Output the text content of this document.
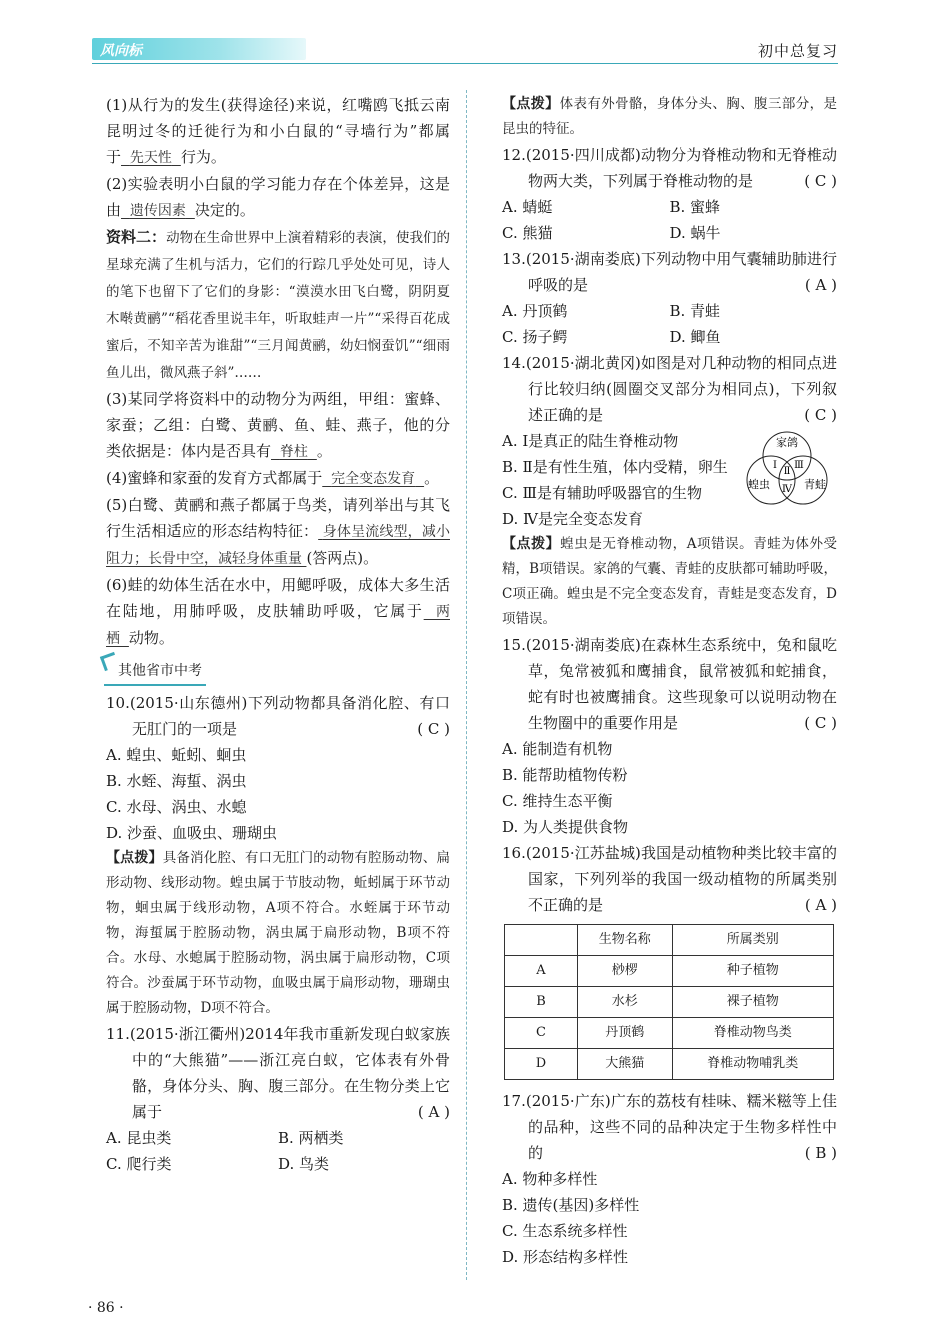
风向标	初中总复习

(1)从行为的发生(获得途径)来说，红嘴鸥飞抵云南昆明过冬的迁徙行为和小白鼠的“寻墙行为”都属于 先天性 行为。

(2)实验表明小白鼠的学习能力存在个体差异，这是由 遗传因素 决定的。

资料二：动物在生命世界中上演着精彩的表演，使我们的星球充满了生机与活力，它们的行踪几乎处处可见，诗人的笔下也留下了它们的身影：“漠漠水田飞白鹭，阴阴夏木啭黄鹂”“稻花香里说丰年，听取蛙声一片”“采得百花成蜜后，不知辛苦为谁甜”“三月闻黄鹂，幼妇悯蚕饥”“细雨鱼儿出，微风燕子斜”……

(3)某同学将资料中的动物分为两组，甲组：蜜蜂、家蚕；乙组：白鹭、黄鹂、鱼、蛙、燕子，他的分类依据是：体内是否具有 脊柱 。

(4)蜜蜂和家蚕的发育方式都属于 完全变态发育 。

(5)白鹭、黄鹂和燕子都属于鸟类，请列举出与其飞行生活相适应的形态结构特征： 身体呈流线型，减小阻力；长骨中空，减轻身体重量 (答两点)。

(6)蛙的幼体生活在水中，用鳃呼吸，成体大多生活在陆地，用肺呼吸，皮肤辅助呼吸，它属于 两栖 动物。

其他省市中考

10.(2015·山东德州)下列动物都具备消化腔、有口无肛门的一项是	( C )

A. 蝗虫、蚯蚓、蛔虫

B. 水蛭、海蜇、涡虫

C. 水母、涡虫、水螅

D. 沙蚕、血吸虫、珊瑚虫

【点拨】具备消化腔、有口无肛门的动物有腔肠动物、扁形动物、线形动物。蝗虫属于节肢动物，蚯蚓属于环节动物，蛔虫属于线形动物，A项不符合。水蛭属于环节动物，海蜇属于腔肠动物，涡虫属于扁形动物，B项不符合。水母、水螅属于腔肠动物，涡虫属于扁形动物，C项符合。沙蚕属于环节动物，血吸虫属于扁形动物，珊瑚虫属于腔肠动物，D项不符合。

11.(2015·浙江衢州)2014年我市重新发现白蚁家族中的“大熊猫”——浙江亮白蚁，它体表有外骨骼，身体分头、胸、腹三部分。在生物分类上它属于	( A )

A. 昆虫类	B. 两栖类
C. 爬行类	D. 鸟类

【点拨】体表有外骨骼，身体分头、胸、腹三部分，是昆虫的特征。

12.(2015·四川成都)动物分为脊椎动物和无脊椎动物两大类，下列属于脊椎动物的是	( C )

A. 蜻蜓	B. 蜜蜂
C. 熊猫	D. 蜗牛

13.(2015·湖南娄底)下列动物中用气囊辅助肺进行呼吸的是	( A )

A. 丹顶鹤	B. 青蛙
C. 扬子鳄	D. 鲫鱼

14.(2015·湖北黄冈)如图是对几种动物的相同点进行比较归纳(圆圈交叉部分为相同点)，下列叙述正确的是	( C )

家鸽
蝗虫	青蛙
Ⅰ
Ⅱ
Ⅲ
Ⅳ

A. Ⅰ是真正的陆生脊椎动物

B. Ⅱ是有性生殖，体内受精，卵生

C. Ⅲ是有辅助呼吸器官的生物

D. Ⅳ是完全变态发育

【点拨】蝗虫是无脊椎动物，A项错误。青蛙为体外受精，B项错误。家鸽的气囊、青蛙的皮肤都可辅助呼吸，C项正确。蝗虫是不完全变态发育，青蛙是变态发育，D项错误。

15.(2015·湖南娄底)在森林生态系统中，兔和鼠吃草，兔常被狐和鹰捕食，鼠常被狐和蛇捕食，蛇有时也被鹰捕食。这些现象可以说明动物在生物圈中的重要作用是	( C )

A. 能制造有机物

B. 能帮助植物传粉

C. 维持生态平衡

D. 为人类提供食物

16.(2015·江苏盐城)我国是动植物种类比较丰富的国家，下列列举的我国一级动植物的所属类别不正确的是	( A )

	生物名称	所属类别
A	桫椤	种子植物
B	水杉	裸子植物
C	丹顶鹤	脊椎动物鸟类
D	大熊猫	脊椎动物哺乳类

17.(2015·广东)广东的荔枝有桂味、糯米糍等上佳的品种，这些不同的品种决定于生物多样性中的	( B )

A. 物种多样性

B. 遗传(基因)多样性

C. 生态系统多样性

D. 形态结构多样性

· 86 ·
